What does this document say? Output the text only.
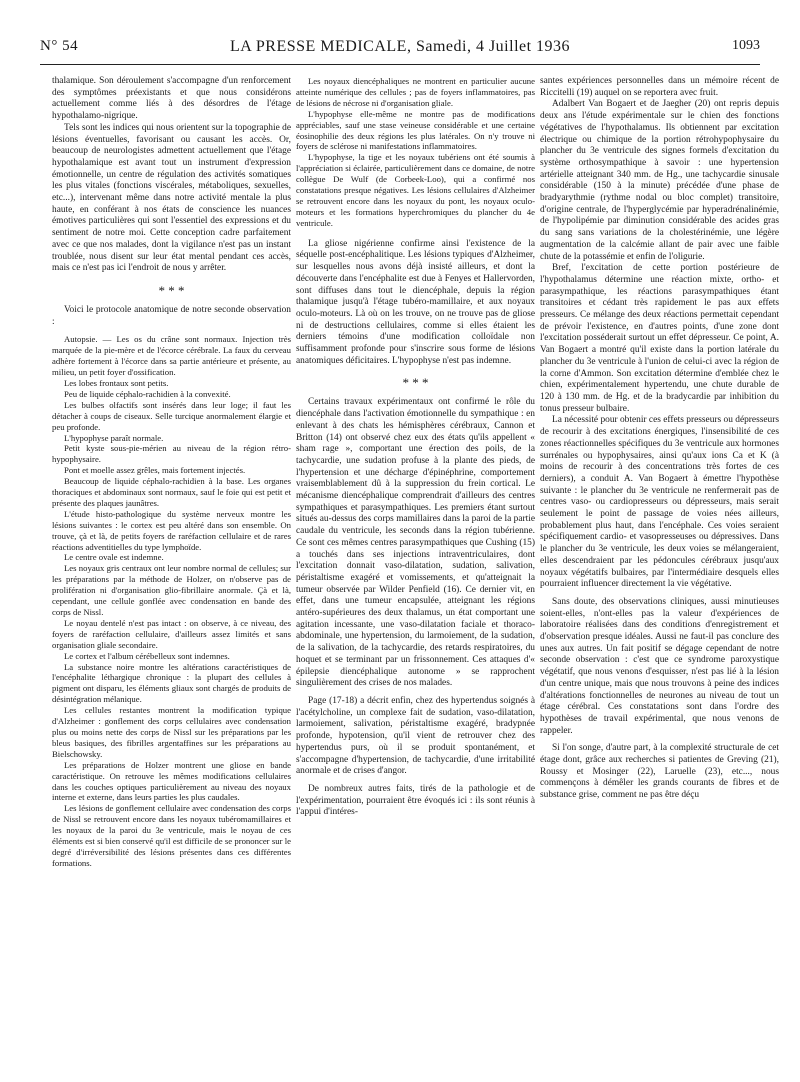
N° 54	LA PRESSE MEDICALE, Samedi, 4 Juillet 1936	1093

thalamique. Son déroulement s'accompagne d'un renforcement des symptômes préexistants et que nous considérons actuellement comme liés à des désordres de l'étage hypothalamo-nigrique.

Tels sont les indices qui nous orientent sur la topographie de lésions éventuelles, favorisant ou causant les accès. Or, beaucoup de neurologistes admettent actuellement que l'étage hypothalamique est avant tout un instrument d'expression émotionnelle, un centre de régulation des activités somatiques les plus vitales (fonctions viscérales, métaboliques, sexuelles, etc...), intervenant même dans notre activité mentale la plus haute, en conférant à nos états de conscience les nuances émotives particulières qui sont l'essentiel des expressions et du sentiment de notre moi. Cette conception cadre parfaitement avec ce que nos malades, dont la vigilance n'est pas un instant troublée, nous disent sur leur état mental pendant ces accès, mais ce n'est pas ici l'endroit de nous y arrêter.

* * *

Voici le protocole anatomique de notre seconde observation :

Autopsie. — Les os du crâne sont normaux. Injection très marquée de la pie-mère et de l'écorce cérébrale. La faux du cerveau adhère fortement à l'écorce dans sa partie antérieure et présente, au milieu, un petit foyer d'ossification.

Les lobes frontaux sont petits.

Peu de liquide céphalo-rachidien à la convexité.

Les bulbes olfactifs sont insérés dans leur loge; il faut les détacher à coups de ciseaux. Selle turcique anormalement élargie et peu profonde.

L'hypophyse paraît normale.

Petit kyste sous-pie-mérien au niveau de la région rétro-hypophysaire.

Pont et moelle assez grêles, mais fortement injectés.

Beaucoup de liquide céphalo-rachidien à la base. Les organes thoraciques et abdominaux sont normaux, sauf le foie qui est petit et présente des plaques jaunâtres.

L'étude histo-pathologique du système nerveux montre les lésions suivantes : le cortex est peu altéré dans son ensemble. On trouve, çà et là, de petits foyers de raréfaction cellulaire et de rares réactions adventitielles du type lymphoïde.

Le centre ovale est indemne.

Les noyaux gris centraux ont leur nombre normal de cellules; sur les préparations par la méthode de Holzer, on n'observe pas de prolifération ni d'organisation glio-fibrillaire anormale. Çà et là, cependant, une cellule gonflée avec condensation en bande des corps de Nissl.

Le noyau dentelé n'est pas intact : on observe, à ce niveau, des foyers de raréfaction cellulaire, d'ailleurs assez limités et sans organisation gliale secondaire.

Le cortex et l'album cérébelleux sont indemnes.

La substance noire montre les altérations caractéristiques de l'encéphalite léthargique chronique : la plupart des cellules à pigment ont disparu, les éléments gliaux sont chargés de produits de désintégration mélanique.

Les cellules restantes montrent la modification typique d'Alzheimer : gonflement des corps cellulaires avec condensation plus ou moins nette des corps de Nissl sur les préparations par les bleus basiques, des fibrilles argentaffines sur les préparations au Bielschowsky.

Les préparations de Holzer montrent une gliose en bande caractéristique. On retrouve les mêmes modifications cellulaires dans les couches optiques particulièrement au niveau des noyaux interne et externe, dans leurs parties les plus caudales.

Les lésions de gonflement cellulaire avec condensation des corps de Nissl se retrouvent encore dans les noyaux tubéromamillaires et les noyaux de la paroi du 3e ventricule, mais le noyau de ces éléments est si bien conservé qu'il est difficile de se prononcer sur le degré d'irréversibilité des lésions présentes dans ces différentes formations.

Les noyaux diencéphaliques ne montrent en particulier aucune atteinte numérique des cellules ; pas de foyers inflammatoires, pas de lésions de nécrose ni d'organisation gliale.

L'hypophyse elle-même ne montre pas de modifications appréciables, sauf une stase veineuse considérable et une certaine éosinophilie des deux régions les plus latérales. On n'y trouve ni foyers de sclérose ni manifestations inflammatoires.

L'hypophyse, la tige et les noyaux tubériens ont été soumis à l'appréciation si éclairée, particulièrement dans ce domaine, de notre collègue De Wulf (de Corbeek-Loo), qui a confirmé nos constatations presque négatives. Les lésions cellulaires d'Alzheimer se retrouvent encore dans les noyaux du pont, les noyaux oculo-moteurs et les formations hyperchromiques du plancher du 4e ventricule.

La gliose nigérienne confirme ainsi l'existence de la séquelle post-encéphalitique. Les lésions typiques d'Alzheimer, sur lesquelles nous avons déjà insisté ailleurs, et dont la découverte dans l'encéphalite est due à Fenyes et Hallervorden, sont diffuses dans tout le diencéphale, depuis la région thalamique jusqu'à l'étage tubéro-mamillaire, et aux noyaux oculo-moteurs. Là où on les trouve, on ne trouve pas de gliose ni de destructions cellulaires, comme si elles étaient les derniers témoins d'une modification colloïdale non suffisamment profonde pour s'inscrire sous forme de lésions anatomiques déficitaires. L'hypophyse n'est pas indemne.

* * *

Certains travaux expérimentaux ont confirmé le rôle du diencéphale dans l'activation émotionnelle du sympathique : en enlevant à des chats les hémisphères cérébraux, Cannon et Britton (14) ont observé chez eux des états qu'ils appellent « sham rage », comportant une érection des poils, de la tachycardie, une sudation profuse à la plante des pieds, de l'hypertension et une décharge d'épinéphrine, comportement vraisemblablement dû à la suppression du frein cortical. Le mécanisme diencéphalique comprendrait d'ailleurs des centres sympathiques et parasympathiques. Les premiers étant surtout situés au-dessus des corps mamillaires dans la paroi de la partie caudale du ventricule, les seconds dans la région tubérienne. Ce sont ces mêmes centres parasympathiques que Cushing (15) a touchés dans ses injections intraventriculaires, dont l'excitation donnait vaso-dilatation, sudation, salivation, péristaltisme exagéré et vomissements, et qu'atteignait la tumeur observée par Wilder Penfield (16). Ce dernier vit, en effet, dans une tumeur encapsulée, atteignant les régions antéro-supérieures des deux thalamus, un état comportant une agitation incessante, une vaso-dilatation faciale et thoraco-abdominale, une hypertension, du larmoiement, de la sudation, de la salivation, de la tachycardie, des retards respiratoires, du hoquet et se terminant par un frissonnement. Ces attaques d'« épilepsie diencéphalique autonome » se rapprochent singulièrement des crises de nos malades.

Page (17-18) a décrit enfin, chez des hypertendus soignés à l'acétylcholine, un complexe fait de sudation, vaso-dilatation, larmoiement, salivation, péristaltisme exagéré, bradypnée profonde, hypotension, qu'il vient de retrouver chez des hypertendus purs, où il se produit spontanément, et s'accompagne d'hypertension, de tachycardie, d'une irritabilité anormale et de crises d'angor.

De nombreux autres faits, tirés de la pathologie et de l'expérimentation, pourraient être évoqués ici : ils sont réunis à l'appui d'intéres-

santes expériences personnelles dans un mémoire récent de Riccitelli (19) auquel on se reportera avec fruit.

Adalbert Van Bogaert et de Jaegher (20) ont repris depuis deux ans l'étude expérimentale sur le chien des fonctions végétatives de l'hypothalamus. Ils obtiennent par excitation électrique ou chimique de la portion rétrohypophysaire du plancher du 3e ventricule des signes formels d'excitation du système orthosympathique à savoir : une hypertension artérielle atteignant 340 mm. de Hg., une tachycardie sinusale considérable (150 à la minute) précédée d'une phase de bradyarythmie (rythme nodal ou bloc complet) transitoire, d'origine centrale, de l'hyperglycémie par hyperadrénalinémie, de l'hypolipémie par diminution considérable des acides gras du sang sans variations de la cholestérinémie, une légère augmentation de la calcémie allant de pair avec une faible chute de la potassémie et enfin de l'oligurie.

Bref, l'excitation de cette portion postérieure de l'hypothalamus détermine une réaction mixte, ortho- et parasympathique, les réactions parasympathiques étant transitoires et cédant très rapidement le pas aux effets presseurs. Ce mélange des deux réactions permettait cependant de prévoir l'existence, en d'autres points, d'une zone dont l'excitation posséderait surtout un effet dépresseur. Ce point, A. Van Bogaert a montré qu'il existe dans la portion latérale du plancher du 3e ventricule à l'union de celui-ci avec la région de la corne d'Ammon. Son excitation détermine d'emblée chez le chien, expérimentalement hypertendu, une chute durable de 120 à 130 mm. de Hg. et de la bradycardie par inhibition du tonus presseur bulbaire.

La nécessité pour obtenir ces effets presseurs ou dépresseurs de recourir à des excitations énergiques, l'insensibilité de ces zones réactionnelles spécifiques du 3e ventricule aux hormones surrénales ou hypophysaires, ainsi qu'aux ions Ca et K (à moins de recourir à des concentrations très fortes de ces derniers), a conduit A. Van Bogaert à émettre l'hypothèse suivante : le plancher du 3e ventricule ne renfermerait pas de centres vaso- ou cardiopresseurs ou dépresseurs, mais serait seulement le point de passage de voies nées ailleurs, probablement plus haut, dans l'encéphale. Ces voies seraient spécifiquement cardio- et vasopresseuses ou dépressives. Dans le plancher du 3e ventricule, les deux voies se mélangeraient, elles descendraient par les pédoncules cérébraux jusqu'aux noyaux végétatifs bulbaires, par l'intermédiaire desquels elles pourraient influencer directement la vie végétative.

Sans doute, des observations cliniques, aussi minutieuses soient-elles, n'ont-elles pas la valeur d'expériences de laboratoire réalisées dans des conditions d'enregistrement et d'observation presque idéales. Aussi ne faut-il pas conclure des unes aux autres. Un fait positif se dégage cependant de notre seconde observation : c'est que ce syndrome paroxystique végétatif, que nous venons d'esquisser, n'est pas lié à la lésion d'un centre unique, mais que nous trouvons à peine des indices d'altérations fonctionnelles de neurones au niveau de tout un étage cérébral. Ces constatations sont dans l'ordre des hypothèses de travail expérimental, que nous venons de rappeler.

Si l'on songe, d'autre part, à la complexité structurale de cet étage dont, grâce aux recherches si patientes de Greving (21), Roussy et Mosinger (22), Laruelle (23), etc..., nous commençons à démêler les grands courants de fibres et de substance grise, comment ne pas être déçu
